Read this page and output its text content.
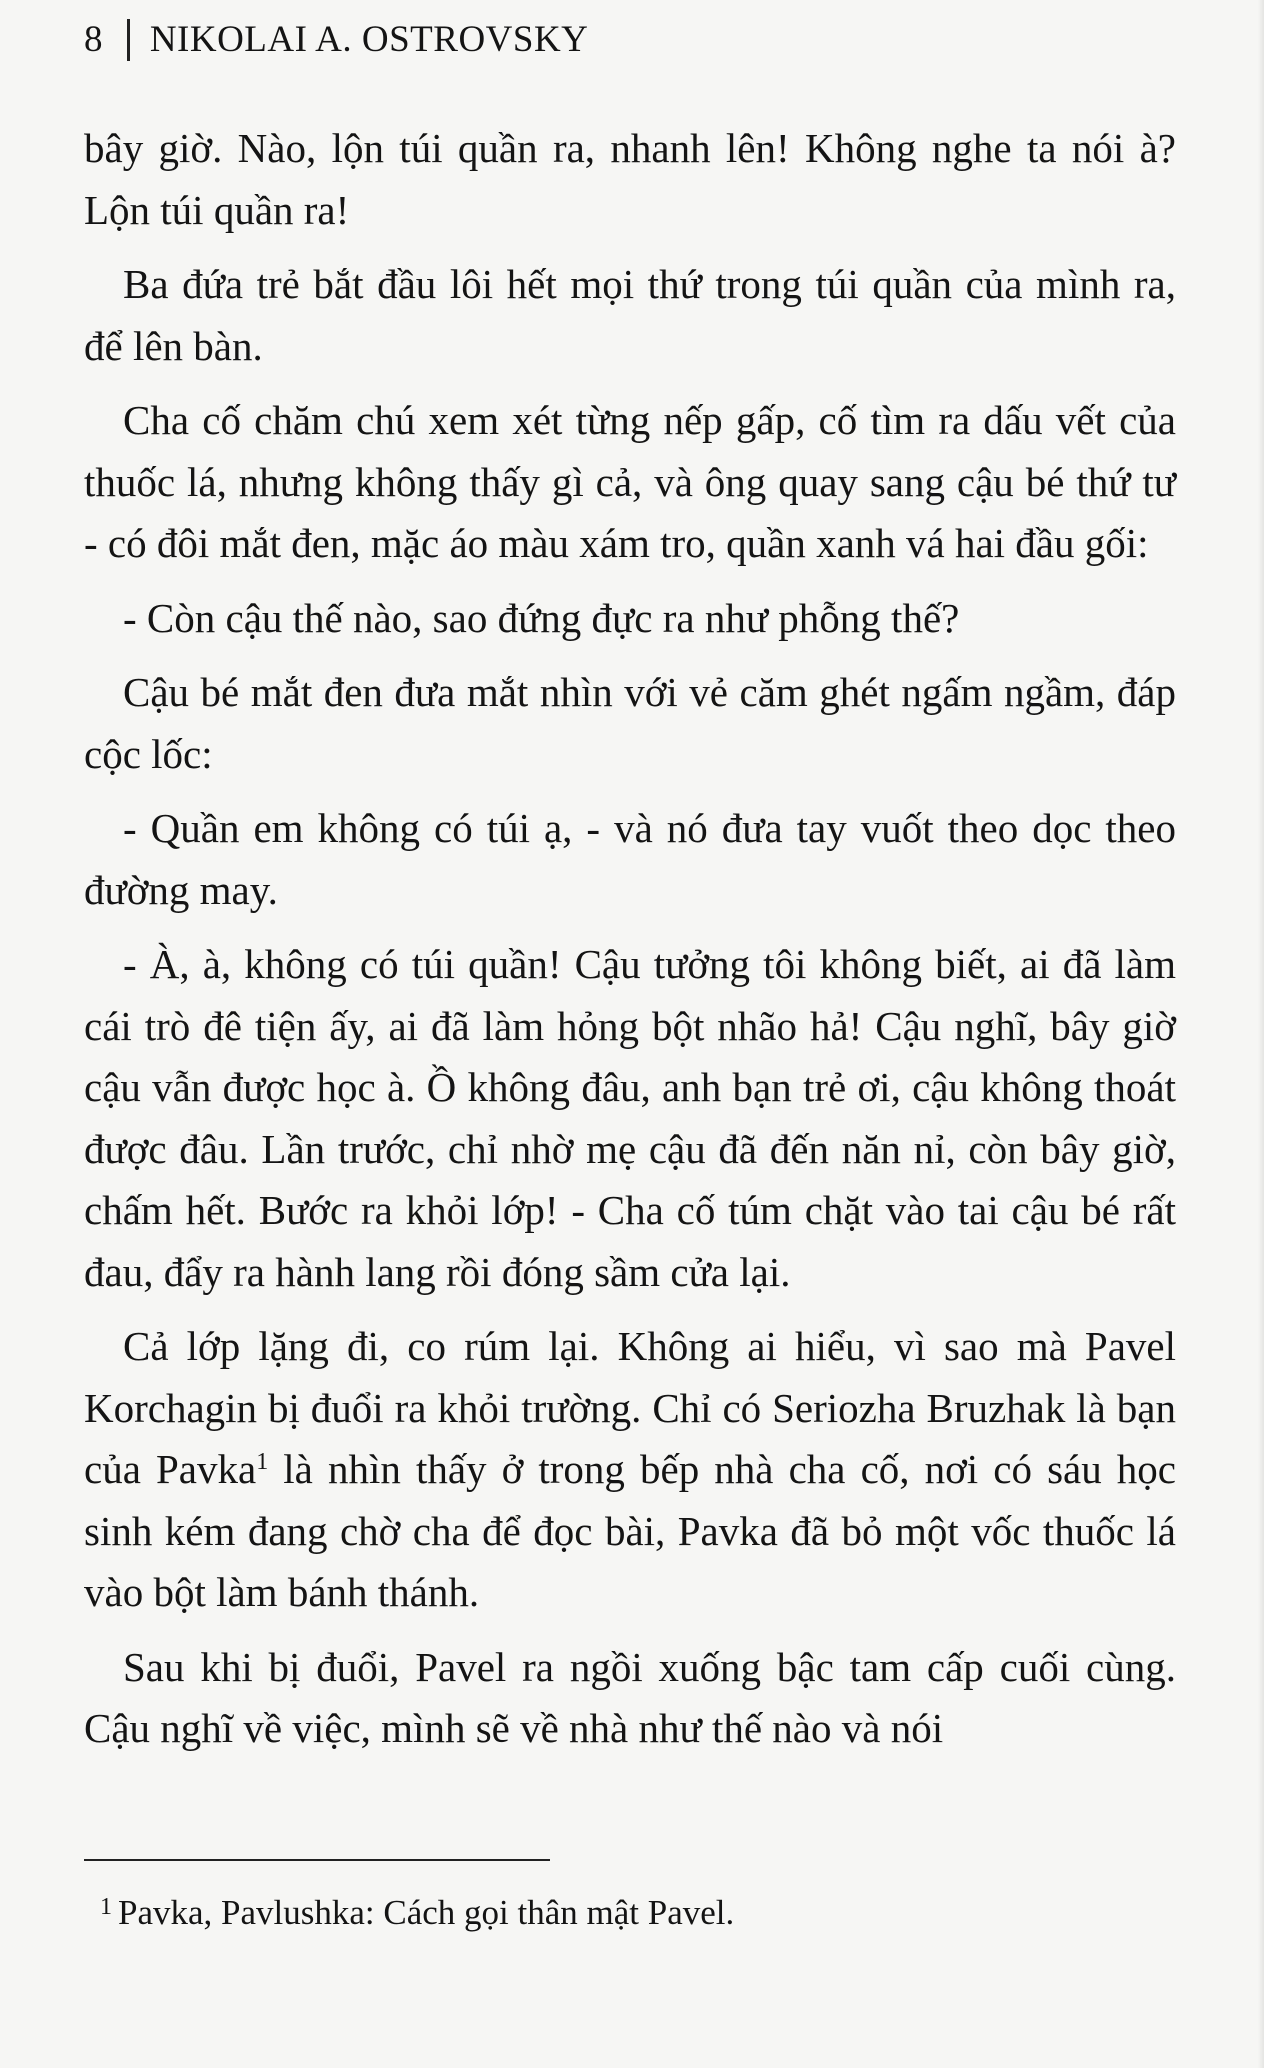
8 NIKOLAI A. OSTROVSKY

bây giờ. Nào, lộn túi quần ra, nhanh lên! Không nghe ta nói à? Lộn túi quần ra!

Ba đứa trẻ bắt đầu lôi hết mọi thứ trong túi quần của mình ra, để lên bàn.

Cha cố chăm chú xem xét từng nếp gấp, cố tìm ra dấu vết của thuốc lá, nhưng không thấy gì cả, và ông quay sang cậu bé thứ tư - có đôi mắt đen, mặc áo màu xám tro, quần xanh vá hai đầu gối:

- Còn cậu thế nào, sao đứng đực ra như phỗng thế?

Cậu bé mắt đen đưa mắt nhìn với vẻ căm ghét ngấm ngầm, đáp cộc lốc:

- Quần em không có túi ạ, - và nó đưa tay vuốt theo dọc theo đường may.

- À, à, không có túi quần! Cậu tưởng tôi không biết, ai đã làm cái trò đê tiện ấy, ai đã làm hỏng bột nhão hả! Cậu nghĩ, bây giờ cậu vẫn được học à. Ồ không đâu, anh bạn trẻ ơi, cậu không thoát được đâu. Lần trước, chỉ nhờ mẹ cậu đã đến năn nỉ, còn bây giờ, chấm hết. Bước ra khỏi lớp! - Cha cố túm chặt vào tai cậu bé rất đau, đẩy ra hành lang rồi đóng sầm cửa lại.

Cả lớp lặng đi, co rúm lại. Không ai hiểu, vì sao mà Pavel Korchagin bị đuổi ra khỏi trường. Chỉ có Seriozha Bruzhak là bạn của Pavka$^1$ là nhìn thấy ở trong bếp nhà cha cố, nơi có sáu học sinh kém đang chờ cha để đọc bài, Pavka đã bỏ một vốc thuốc lá vào bột làm bánh thánh.

Sau khi bị đuổi, Pavel ra ngồi xuống bậc tam cấp cuối cùng. Cậu nghĩ về việc, mình sẽ về nhà như thế nào và nói

$^1$ Pavka, Pavlushka: Cách gọi thân mật Pavel.
